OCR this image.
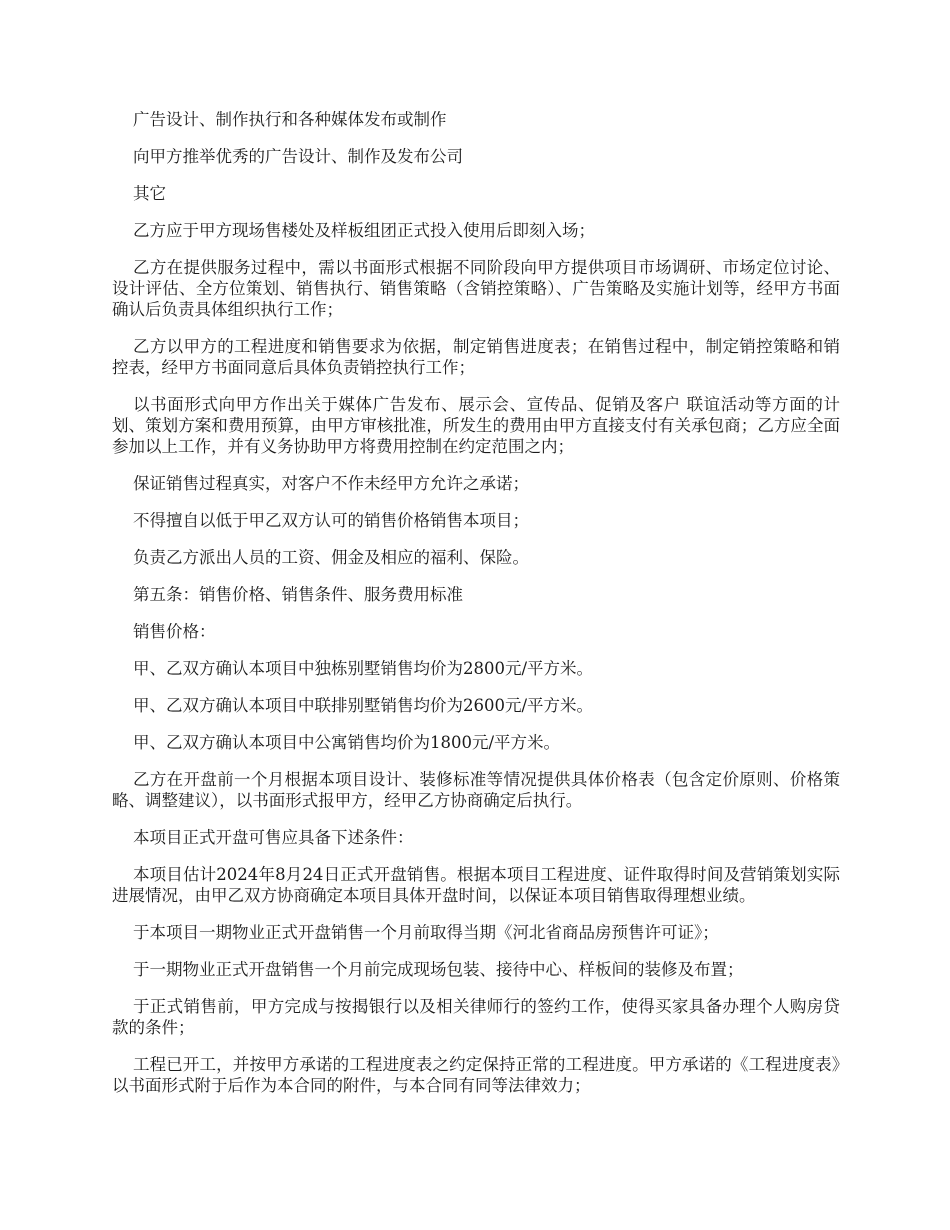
广告设计、制作执行和各种媒体发布或制作

向甲方推举优秀的广告设计、制作及发布公司

其它

乙方应于甲方现场售楼处及样板组团正式投入使用后即刻入场；

乙方在提供服务过程中，需以书面形式根据不同阶段向甲方提供项目市场调研、市场定位讨论、设计评估、全方位策划、销售执行、销售策略（含销控策略）、广告策略及实施计划等，经甲方书面确认后负责具体组织执行工作；

乙方以甲方的工程进度和销售要求为依据，制定销售进度表；在销售过程中，制定销控策略和销控表，经甲方书面同意后具体负责销控执行工作；

以书面形式向甲方作出关于媒体广告发布、展示会、宣传品、促销及客户 联谊活动等方面的计划、策划方案和费用预算，由甲方审核批准，所发生的费用由甲方直接支付有关承包商；乙方应全面参加以上工作，并有义务协助甲方将费用控制在约定范围之内；

保证销售过程真实，对客户不作未经甲方允许之承诺；

不得擅自以低于甲乙双方认可的销售价格销售本项目；

负责乙方派出人员的工资、佣金及相应的福利、保险。

第五条：销售价格、销售条件、服务费用标准

销售价格：

甲、乙双方确认本项目中独栋别墅销售均价为2800元/平方米。

甲、乙双方确认本项目中联排别墅销售均价为2600元/平方米。

甲、乙双方确认本项目中公寓销售均价为1800元/平方米。

乙方在开盘前一个月根据本项目设计、装修标准等情况提供具体价格表（包含定价原则、价格策略、调整建议），以书面形式报甲方，经甲乙方协商确定后执行。

本项目正式开盘可售应具备下述条件：

本项目估计2024年8月24日正式开盘销售。根据本项目工程进度、证件取得时间及营销策划实际进展情况，由甲乙双方协商确定本项目具体开盘时间，以保证本项目销售取得理想业绩。

于本项目一期物业正式开盘销售一个月前取得当期《河北省商品房预售许可证》；

于一期物业正式开盘销售一个月前完成现场包装、接待中心、样板间的装修及布置；

于正式销售前，甲方完成与按揭银行以及相关律师行的签约工作，使得买家具备办理个人购房贷款的条件；

工程已开工，并按甲方承诺的工程进度表之约定保持正常的工程进度。甲方承诺的《工程进度表》以书面形式附于后作为本合同的附件，与本合同有同等法律效力；
